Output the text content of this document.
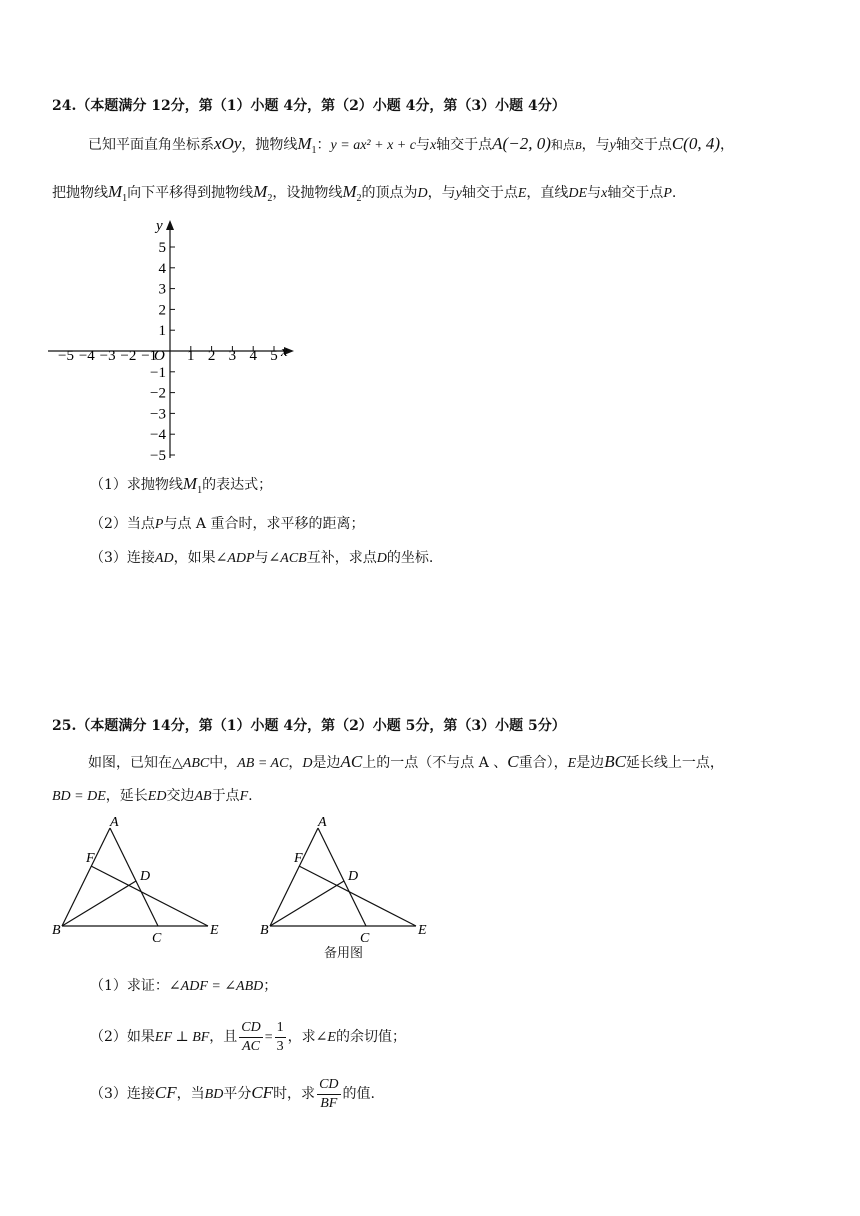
24.（本题满分 12分，第（1）小题 4分，第（2）小题 4分，第（3）小题 4分）
已知平面直角坐标系xOy，抛物线$M_1$：y = ax² + x + c与x轴交于点A(−2, 0)和点B，与y轴交于点C(0, 4)，
把抛物线$M_1$向下平移得到抛物线$M_2$，设抛物线$M_2$的顶点为D，与y轴交于点E，直线DE与x轴交于点P.
y
x
O
5
4
3
2
1
−1
−2
−3
−4
−5
−5 −4 −3 −2 −1 1 2 3 4 5
（1）求抛物线$M_1$的表达式；
（2）当点P与点 A 重合时，求平移的距离；
（3）连接AD，如果∠ADP与∠ACB互补，求点D的坐标.
25.（本题满分 14分，第（1）小题 4分，第（2）小题 5分，第（3）小题 5分）
如图，已知在△ABC中，AB = AC，D是边AC上的一点（不与点 A 、C重合），E是边BC延长线上一点，
BD = DE，延长ED交边AB于点F.
A
F
D
B
C
E
A
F
D
B
C
E
备用图
（1）求证：∠ADF = ∠ABD；
（2）如果EF ⊥ BF，且 $\frac{CD}{AC} = \frac{1}{3}$ ，求∠E的余切值；
（3）连接CF，当BD平分CF时，求 $\frac{CD}{BF}$ 的值.
